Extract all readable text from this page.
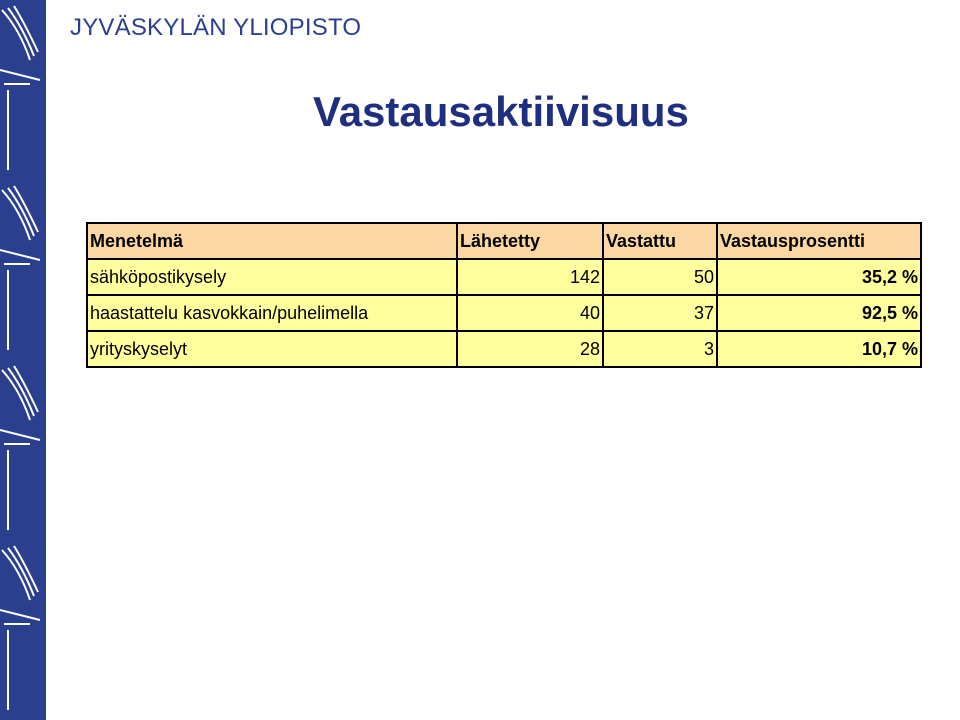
JYVÄSKYLÄN YLIOPISTO
Vastausaktiivisuus
Menetelmä	Lähetetty	Vastattu	Vastausprosentti
sähköpostikysely	142	50	35,2 %
haastattelu kasvokkain/puhelimella	40	37	92,5 %
yrityskyselyt	28	3	10,7 %
